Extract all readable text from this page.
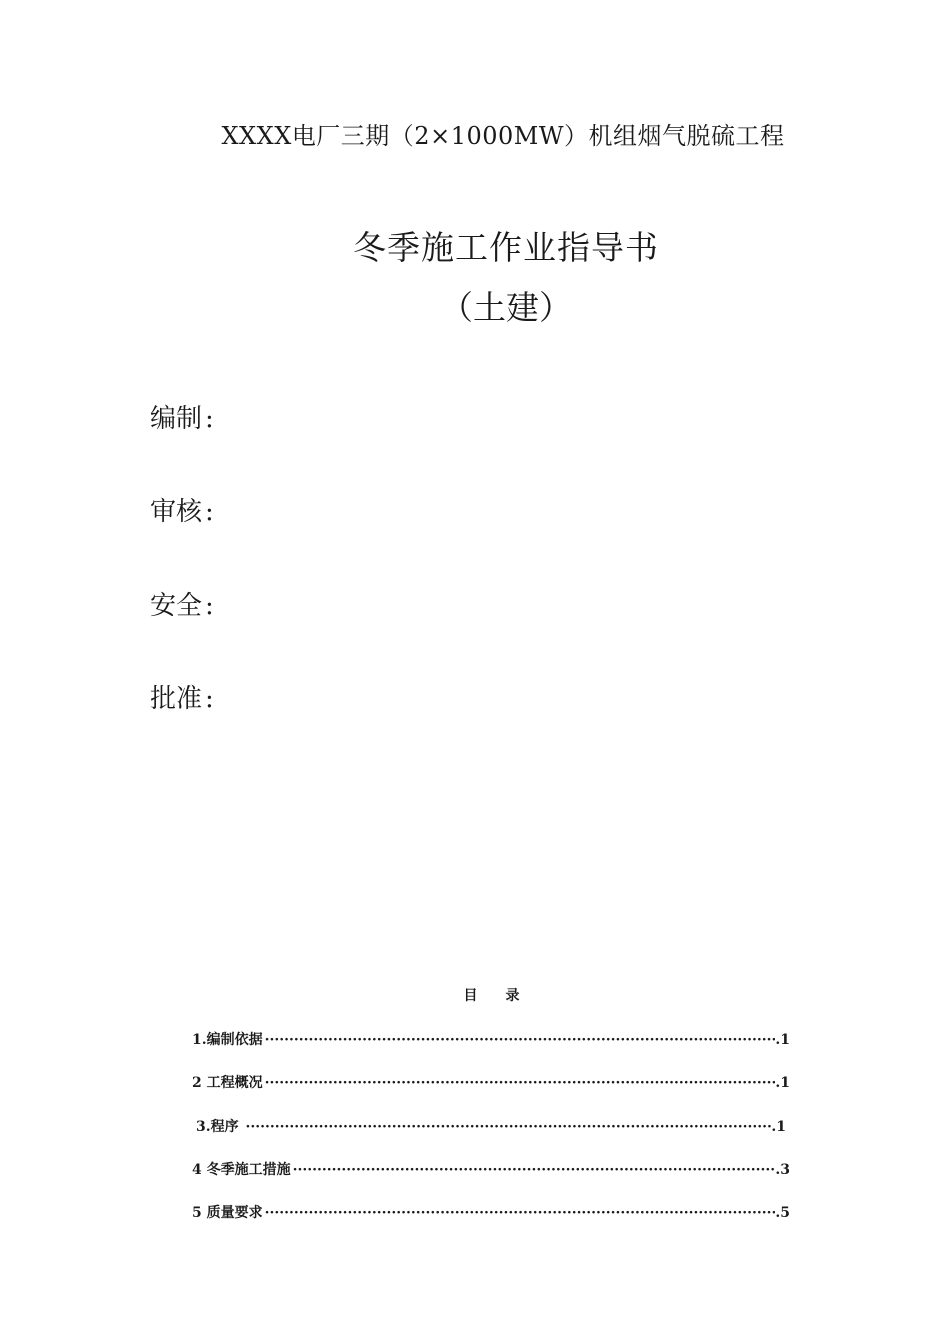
XXXX电厂三期（2×1000MW）机组烟气脱硫工程
冬季施工作业指导书
（土建）
编制 :
审核 :
安全 :
批准 :
目 录
1.编制依据 ·····	.1
2 工程概况 ·····	.1
3.程序 ·····	.1
4 冬季施工措施 ·····	.3
5 质量要求 ·····	.5
